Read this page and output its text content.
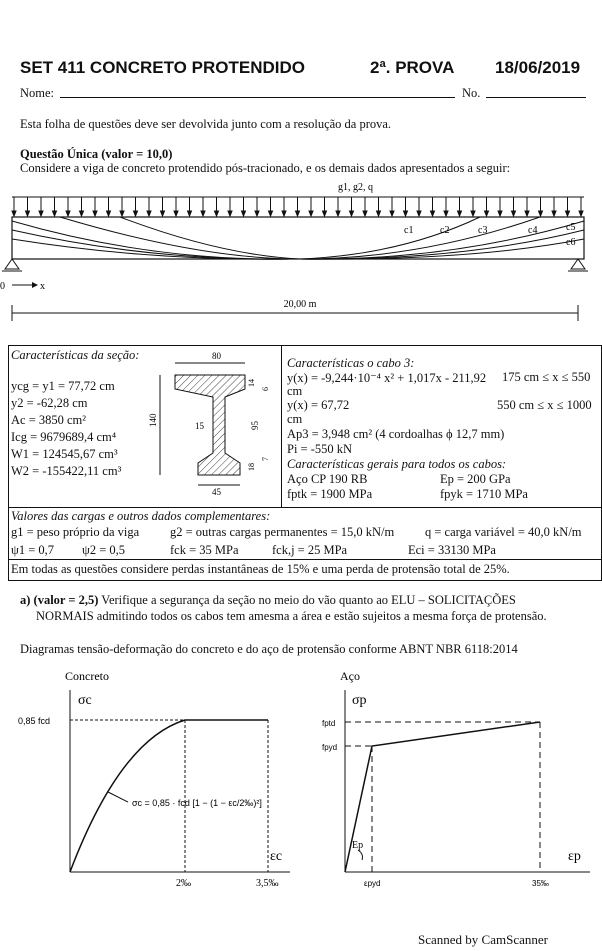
SET 411 CONCRETO PROTENDIDO	2ª. PROVA 18/06/2019
Nome:	No.
Esta folha de questões deve ser devolvida junto com a resolução da prova.
Questão Única (valor = 10,0)
Considere a viga de concreto protendido pós-tracionado, e os demais dados apresentados a seguir:
g1, g2, q
c1	c2	c3	c4	c5
c6
0	x
20,00 m
Características da seção:
ycg = y1 = 77,72 cm
y2 = -62,28 cm
Ac = 3850 cm²
Icg = 9679689,4 cm⁴
W1 = 124545,67 cm³
W2 = -155422,11 cm³
80
140	15	95
14
6
18
7
45
Características o cabo 3:
y(x) = -9,244·10⁻⁴ x² + 1,017x - 211,92 175 cm ≤ x ≤ 550
cm
y(x) = 67,72	550 cm ≤ x ≤ 1000
cm
Ap3 = 3,948 cm² (4 cordoalhas ϕ 12,7 mm)
Pi = -550 kN
Características gerais para todos os cabos:
Aço CP 190 RB	Ep = 200 GPa
fptk = 1900 MPa	fpyk = 1710 MPa
Valores das cargas e outros dados complementares:
g1 = peso próprio da viga g2 = outras cargas permanentes = 15,0 kN/m q = carga variável = 40,0 kN/m
ψ1 = 0,7 ψ2 = 0,5	fck = 35 MPa	fck,j = 25 MPa	Eci = 33130 MPa
Em todas as questões considere perdas instantâneas de 15% e uma perda de protensão total de 25%.
a) (valor = 2,5) Verifique a segurança da seção no meio do vão quanto ao ELU – SOLICITAÇÕES
NORMAIS admitindo todos os cabos tem amesma a área e estão sujeitos a mesma força de protensão.
Diagramas tensão-deformação do concreto e do aço de protensão conforme ABNT NBR 6118:2014
Concreto
σc
εc
0,85 fcd
2‰	3,5‰
σc = 0,85 · fcd [1 − (1 − εc/2‰)²]
Aço
σp
εp
fptd
fpyd
Ep
εpyd	35‰
Scanned by CamScanner
